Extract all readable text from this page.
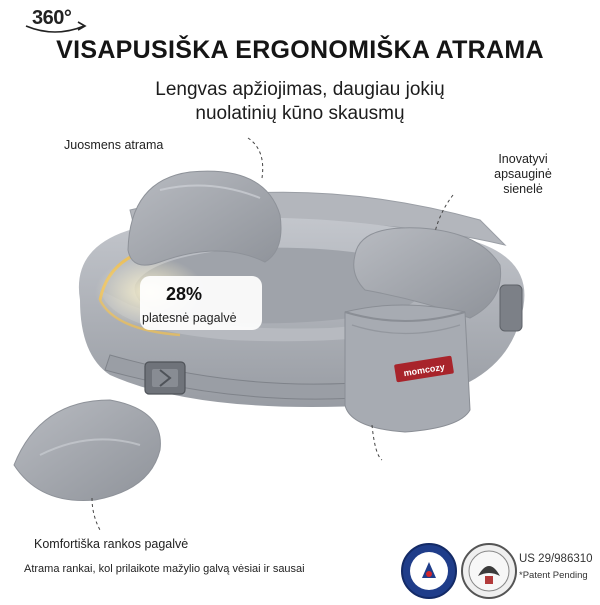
360°
VISAPUSIŠKA ERGONOMIŠKA ATRAMA
Lengvas apžiojimas, daugiau jokių
nuolatinių kūno skausmų
momcozy
28%
platesnė pagalvė
Juosmens atrama
Inovatyvi
apsauginė sienelė
Komfortiška rankos pagalvė
Atrama rankai, kol prilaikote mažylio galvą vėsiai ir sausai
US 29/986310
*Patent Pending
